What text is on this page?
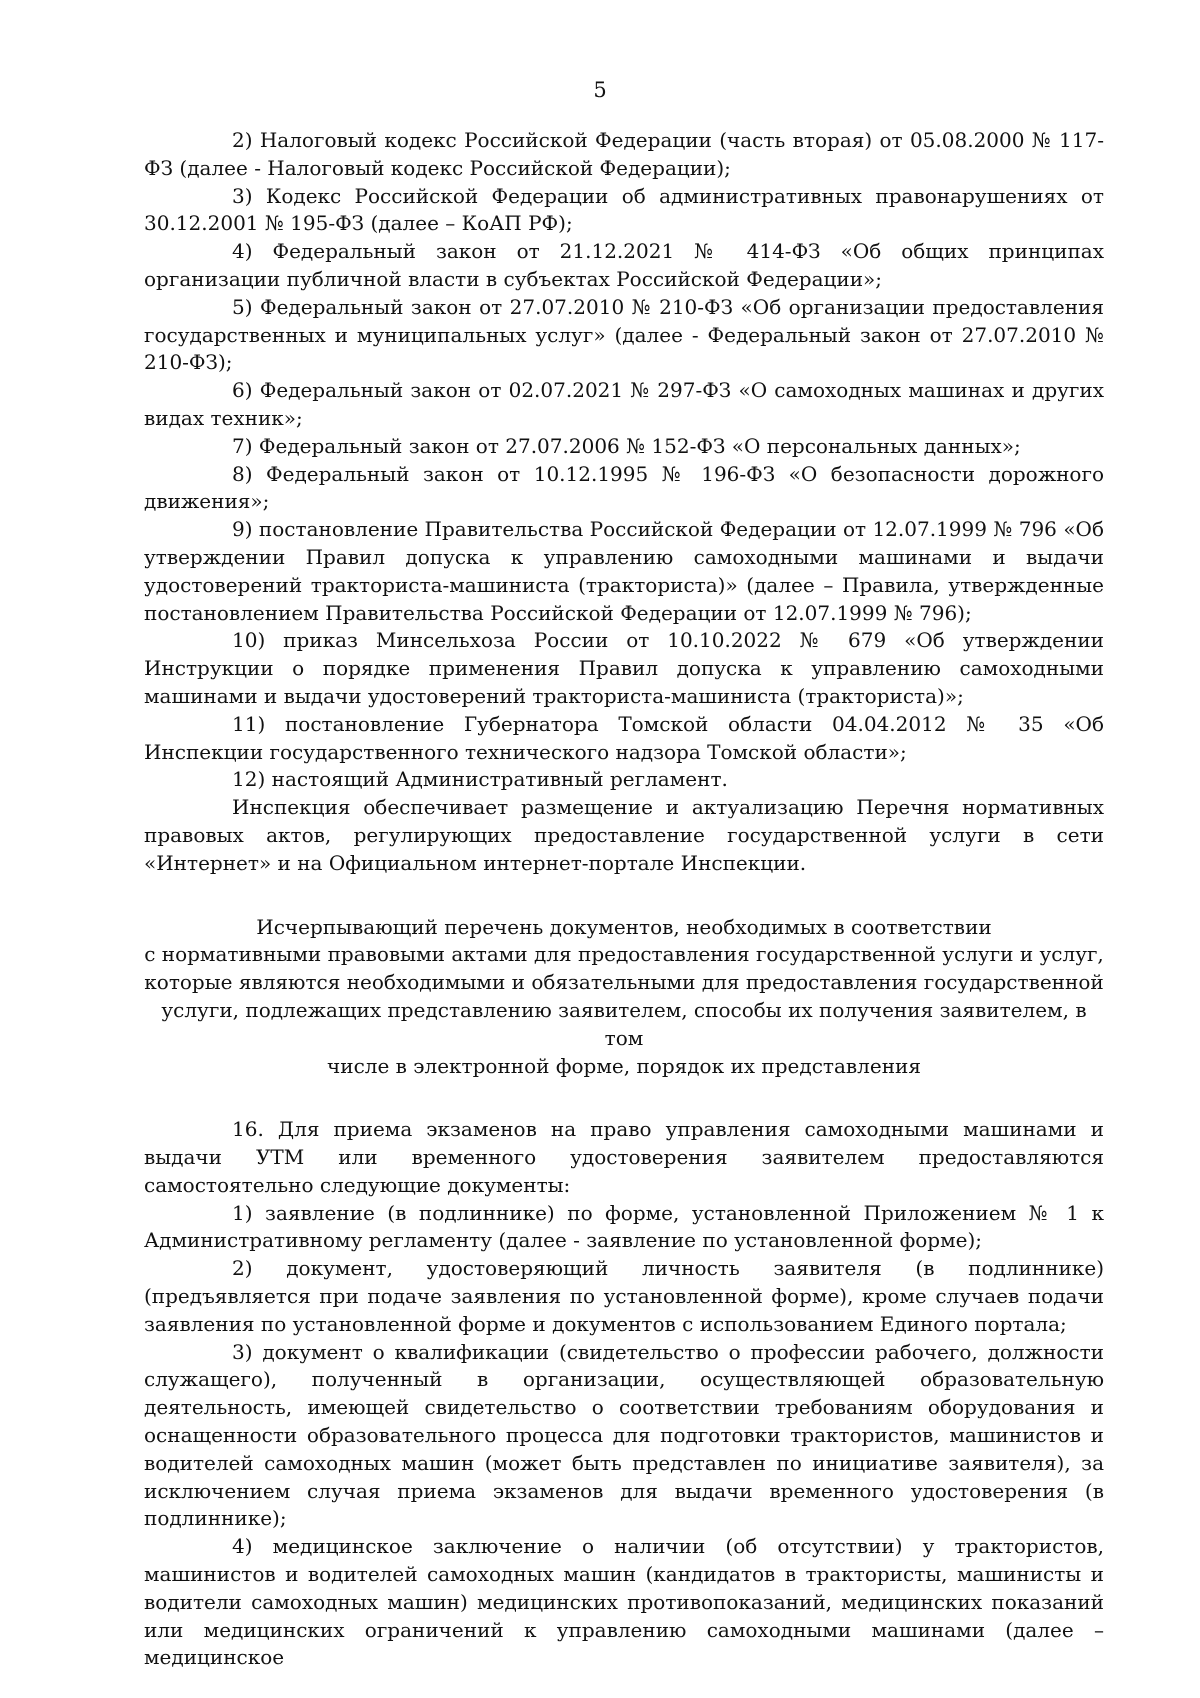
5

2) Налоговый кодекс Российской Федерации (часть вторая) от 05.08.2000 № 117-ФЗ (далее - Налоговый кодекс Российской Федерации);

3) Кодекс Российской Федерации об административных правонарушениях от 30.12.2001 № 195-ФЗ (далее – КоАП РФ);

4) Федеральный закон от 21.12.2021 № 414-ФЗ «Об общих принципах организации публичной власти в субъектах Российской Федерации»;

5) Федеральный закон от 27.07.2010 № 210-ФЗ «Об организации предоставления государственных и муниципальных услуг» (далее - Федеральный закон от 27.07.2010 № 210-ФЗ);

6) Федеральный закон от 02.07.2021 № 297-ФЗ «О самоходных машинах и других видах техник»;

7) Федеральный закон от 27.07.2006 № 152-ФЗ «О персональных данных»;

8) Федеральный закон от 10.12.1995 № 196-ФЗ «О безопасности дорожного движения»;

9) постановление Правительства Российской Федерации от 12.07.1999 № 796 «Об утверждении Правил допуска к управлению самоходными машинами и выдачи удостоверений тракториста-машиниста (тракториста)» (далее – Правила, утвержденные постановлением Правительства Российской Федерации от 12.07.1999 № 796);

10) приказ Минсельхоза России от 10.10.2022 № 679 «Об утверждении Инструкции о порядке применения Правил допуска к управлению самоходными машинами и выдачи удостоверений тракториста-машиниста (тракториста)»;

11) постановление Губернатора Томской области 04.04.2012 № 35 «Об Инспекции государственного технического надзора Томской области»;

12) настоящий Административный регламент.

Инспекция обеспечивает размещение и актуализацию Перечня нормативных правовых актов, регулирующих предоставление государственной услуги в сети «Интернет» и на Официальном интернет-портале Инспекции.

Исчерпывающий перечень документов, необходимых в соответствии
с нормативными правовыми актами для предоставления государственной услуги и услуг,
которые являются необходимыми и обязательными для предоставления государственной
услуги, подлежащих представлению заявителем, способы их получения заявителем, в том
числе в электронной форме, порядок их представления

16. Для приема экзаменов на право управления самоходными машинами и выдачи УТМ или временного удостоверения заявителем предоставляются самостоятельно следующие документы:

1) заявление (в подлиннике) по форме, установленной Приложением № 1 к Административному регламенту (далее - заявление по установленной форме);

2) документ, удостоверяющий личность заявителя (в подлиннике) (предъявляется при подаче заявления по установленной форме), кроме случаев подачи заявления по установленной форме и документов с использованием Единого портала;

3) документ о квалификации (свидетельство о профессии рабочего, должности служащего), полученный в организации, осуществляющей образовательную деятельность, имеющей свидетельство о соответствии требованиям оборудования и оснащенности образовательного процесса для подготовки трактористов, машинистов и водителей самоходных машин (может быть представлен по инициативе заявителя), за исключением случая приема экзаменов для выдачи временного удостоверения (в подлиннике);

4) медицинское заключение о наличии (об отсутствии) у трактористов, машинистов и водителей самоходных машин (кандидатов в трактористы, машинисты и водители самоходных машин) медицинских противопоказаний, медицинских показаний или медицинских ограничений к управлению самоходными машинами (далее – медицинское
